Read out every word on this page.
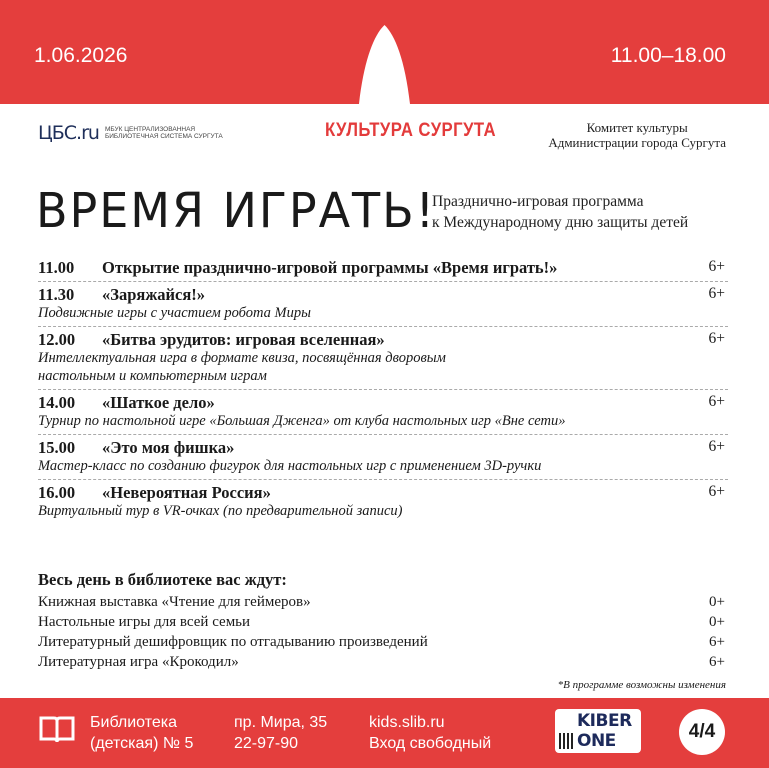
1.06.2026	11.00–18.00
ЦБС.ru МБУК ЦЕНТРАЛИЗОВАННАЯ БИБЛИОТЕЧНАЯ СИСТЕМА СУРГУТА	КУЛЬТУРА СУРГУТА	Комитет культуры
Администрации города Сургута
ВРЕМЯ ИГРАТЬ!
Празднично-игровая программа
к Международному дню защиты детей
11.00 Открытие празднично-игровой программы «Время играть!»	6+
11.30 «Заряжайся!»
Подвижные игры с участием робота Миры
6+
12.00 «Битва эрудитов: игровая вселенная»
Интеллектуальная игра в формате квиза, посвящённая дворовым настольным и компьютерным играм
6+
14.00 «Шаткое дело»
Турнир по настольной игре «Большая Дженга» от клуба настольных игр «Вне сети»
6+
15.00 «Это моя фишка»
Мастер-класс по созданию фигурок для настольных игр с применением 3D-ручки
6+
16.00 «Невероятная Россия»
Виртуальный тур в VR-очках (по предварительной записи)
6+
Весь день в библиотеке вас ждут:
Книжная выставка «Чтение для геймеров»	0+
Настольные игры для всей семьи	0+
Литературный дешифровщик по отгадыванию произведений	6+
Литературная игра «Крокодил»	6+
*В программе возможны изменения
Библиотека
(детская) № 5
пр. Мира, 35
22-97-90
kids.slib.ru
Вход свободный
KIBER
ONE	4/4
